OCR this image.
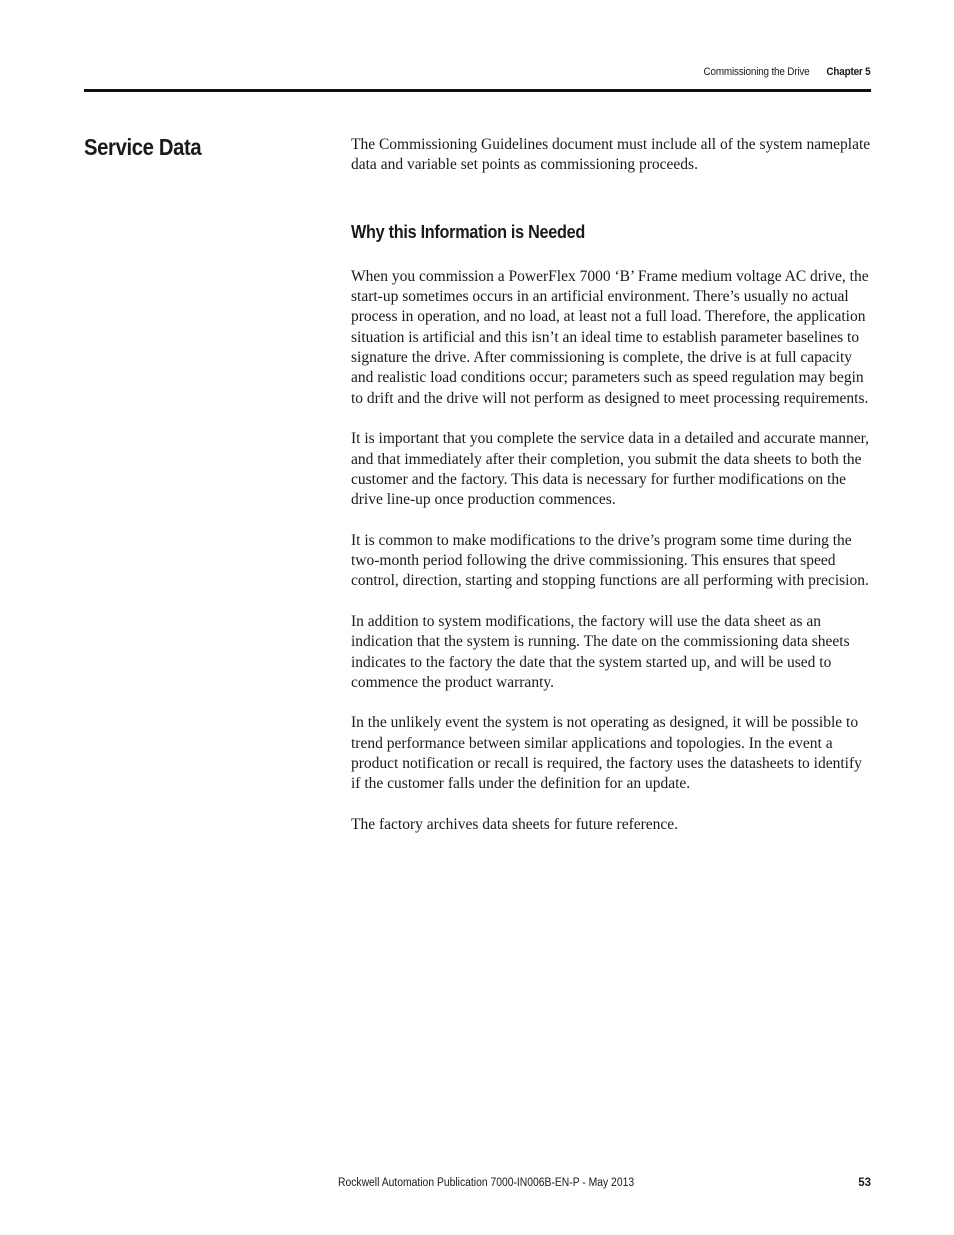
Commissioning the Drive Chapter 5
Service Data	The Commissioning Guidelines document must include all of the system nameplate data and variable set points as commissioning proceeds.

Why this Information is Needed

When you commission a PowerFlex 7000 ‘B’ Frame medium voltage AC drive, the start-up sometimes occurs in an artificial environment. There’s usually no actual process in operation, and no load, at least not a full load. Therefore, the application situation is artificial and this isn’t an ideal time to establish parameter baselines to signature the drive. After commissioning is complete, the drive is at full capacity and realistic load conditions occur; parameters such as speed regulation may begin to drift and the drive will not perform as designed to meet processing requirements.

It is important that you complete the service data in a detailed and accurate manner, and that immediately after their completion, you submit the data sheets to both the customer and the factory. This data is necessary for further modifications on the drive line-up once production commences.

It is common to make modifications to the drive’s program some time during the two-month period following the drive commissioning. This ensures that speed control, direction, starting and stopping functions are all performing with precision.

In addition to system modifications, the factory will use the data sheet as an indication that the system is running. The date on the commissioning data sheets indicates to the factory the date that the system started up, and will be used to commence the product warranty.

In the unlikely event the system is not operating as designed, it will be possible to trend performance between similar applications and topologies. In the event a product notification or recall is required, the factory uses the datasheets to identify if the customer falls under the definition for an update.

The factory archives data sheets for future reference.

Rockwell Automation Publication 7000-IN006B-EN-P - May 2013	53
